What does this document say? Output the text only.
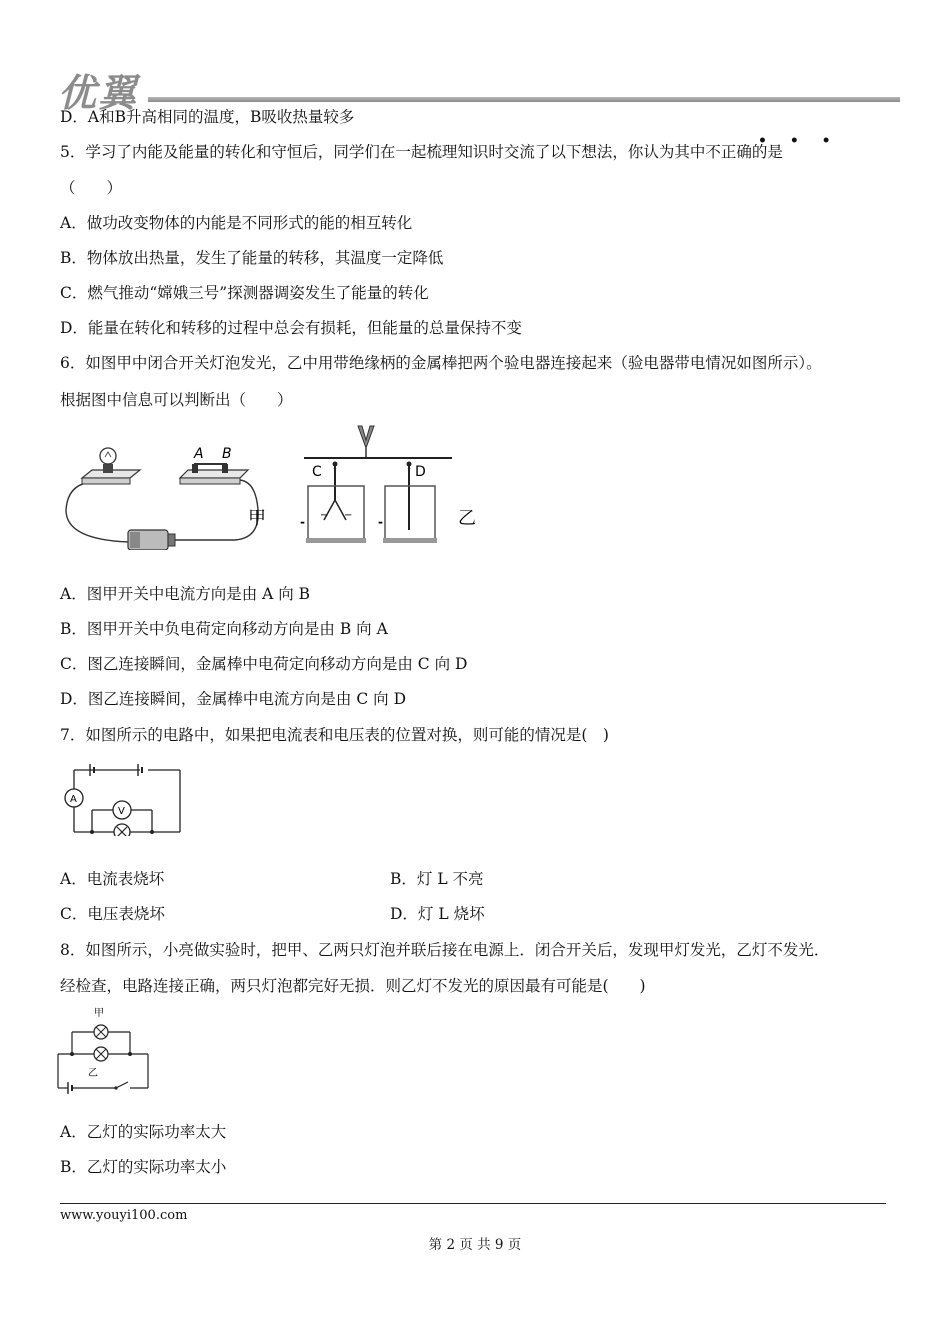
优翼
D．A和B升高相同的温度，B吸收热量较多
• • •
5．学习了内能及能量的转化和守恒后，同学们在一起梳理知识时交流了以下想法，你认为其中不正确的是
（　　）
A．做功改变物体的内能是不同形式的能的相互转化
B．物体放出热量，发生了能量的转移，其温度一定降低
C．燃气推动“嫦娥三号”探测器调姿发生了能量的转化
D．能量在转化和转移的过程中总会有损耗，但能量的总量保持不变
6．如图甲中闭合开关灯泡发光，乙中用带绝缘柄的金属棒把两个验电器连接起来（验电器带电情况如图所示）。
根据图中信息可以判断出（　　）
A B
甲
C
− −
-
D
-	乙
A．图甲开关中电流方向是由 A 向 B
B．图甲开关中负电荷定向移动方向是由 B 向 A
C．图乙连接瞬间，金属棒中电荷定向移动方向是由 C 向 D
D．图乙连接瞬间，金属棒中电流方向是由 C 向 D
7．如图所示的电路中，如果把电流表和电压表的位置对换，则可能的情况是(　)
A
V
A．电流表烧坏	B．灯 L 不亮
C．电压表烧坏	D．灯 L 烧坏
8．如图所示，小亮做实验时，把甲、乙两只灯泡并联后接在电源上．闭合开关后，发现甲灯发光，乙灯不发光．
经检查，电路连接正确，两只灯泡都完好无损．则乙灯不发光的原因最有可能是(　　)
甲
乙
A．乙灯的实际功率太大
B．乙灯的实际功率太小
www.youyi100.com
第 2 页 共 9 页
